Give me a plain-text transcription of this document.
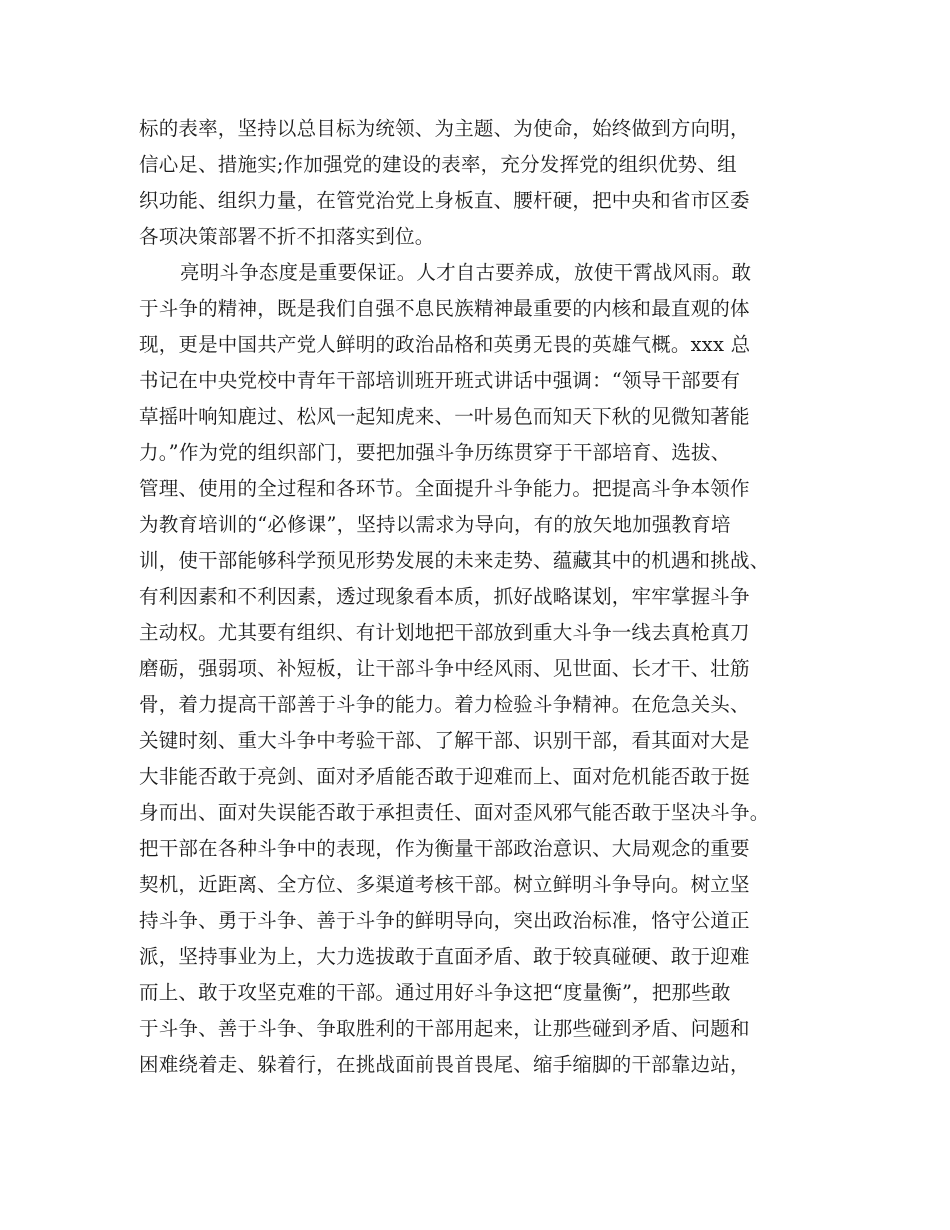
标的表率，坚持以总目标为统领、为主题、为使命，始终做到方向明，
信心足、措施实;作加强党的建设的表率，充分发挥党的组织优势、组
织功能、组织力量，在管党治党上身板直、腰杆硬，把中央和省市区委
各项决策部署不折不扣落实到位。
亮明斗争态度是重要保证。人才自古要养成，放使干霄战风雨。敢
于斗争的精神，既是我们自强不息民族精神最重要的内核和最直观的体
现，更是中国共产党人鲜明的政治品格和英勇无畏的英雄气概。xxx 总
书记在中央党校中青年干部培训班开班式讲话中强调：“领导干部要有
草摇叶响知鹿过、松风一起知虎来、一叶易色而知天下秋的见微知著能
力。”作为党的组织部门，要把加强斗争历练贯穿于干部培育、选拔、
管理、使用的全过程和各环节。全面提升斗争能力。把提高斗争本领作
为教育培训的“必修课”，坚持以需求为导向，有的放矢地加强教育培
训，使干部能够科学预见形势发展的未来走势、蕴藏其中的机遇和挑战、
有利因素和不利因素，透过现象看本质，抓好战略谋划，牢牢掌握斗争
主动权。尤其要有组织、有计划地把干部放到重大斗争一线去真枪真刀
磨砺，强弱项、补短板，让干部斗争中经风雨、见世面、长才干、壮筋
骨，着力提高干部善于斗争的能力。着力检验斗争精神。在危急关头、
关键时刻、重大斗争中考验干部、了解干部、识别干部，看其面对大是
大非能否敢于亮剑、面对矛盾能否敢于迎难而上、面对危机能否敢于挺
身而出、面对失误能否敢于承担责任、面对歪风邪气能否敢于坚决斗争。
把干部在各种斗争中的表现，作为衡量干部政治意识、大局观念的重要
契机，近距离、全方位、多渠道考核干部。树立鲜明斗争导向。树立坚
持斗争、勇于斗争、善于斗争的鲜明导向，突出政治标准，恪守公道正
派，坚持事业为上，大力选拔敢于直面矛盾、敢于较真碰硬、敢于迎难
而上、敢于攻坚克难的干部。通过用好斗争这把“度量衡”，把那些敢
于斗争、善于斗争、争取胜利的干部用起来，让那些碰到矛盾、问题和
困难绕着走、躲着行，在挑战面前畏首畏尾、缩手缩脚的干部靠边站，
